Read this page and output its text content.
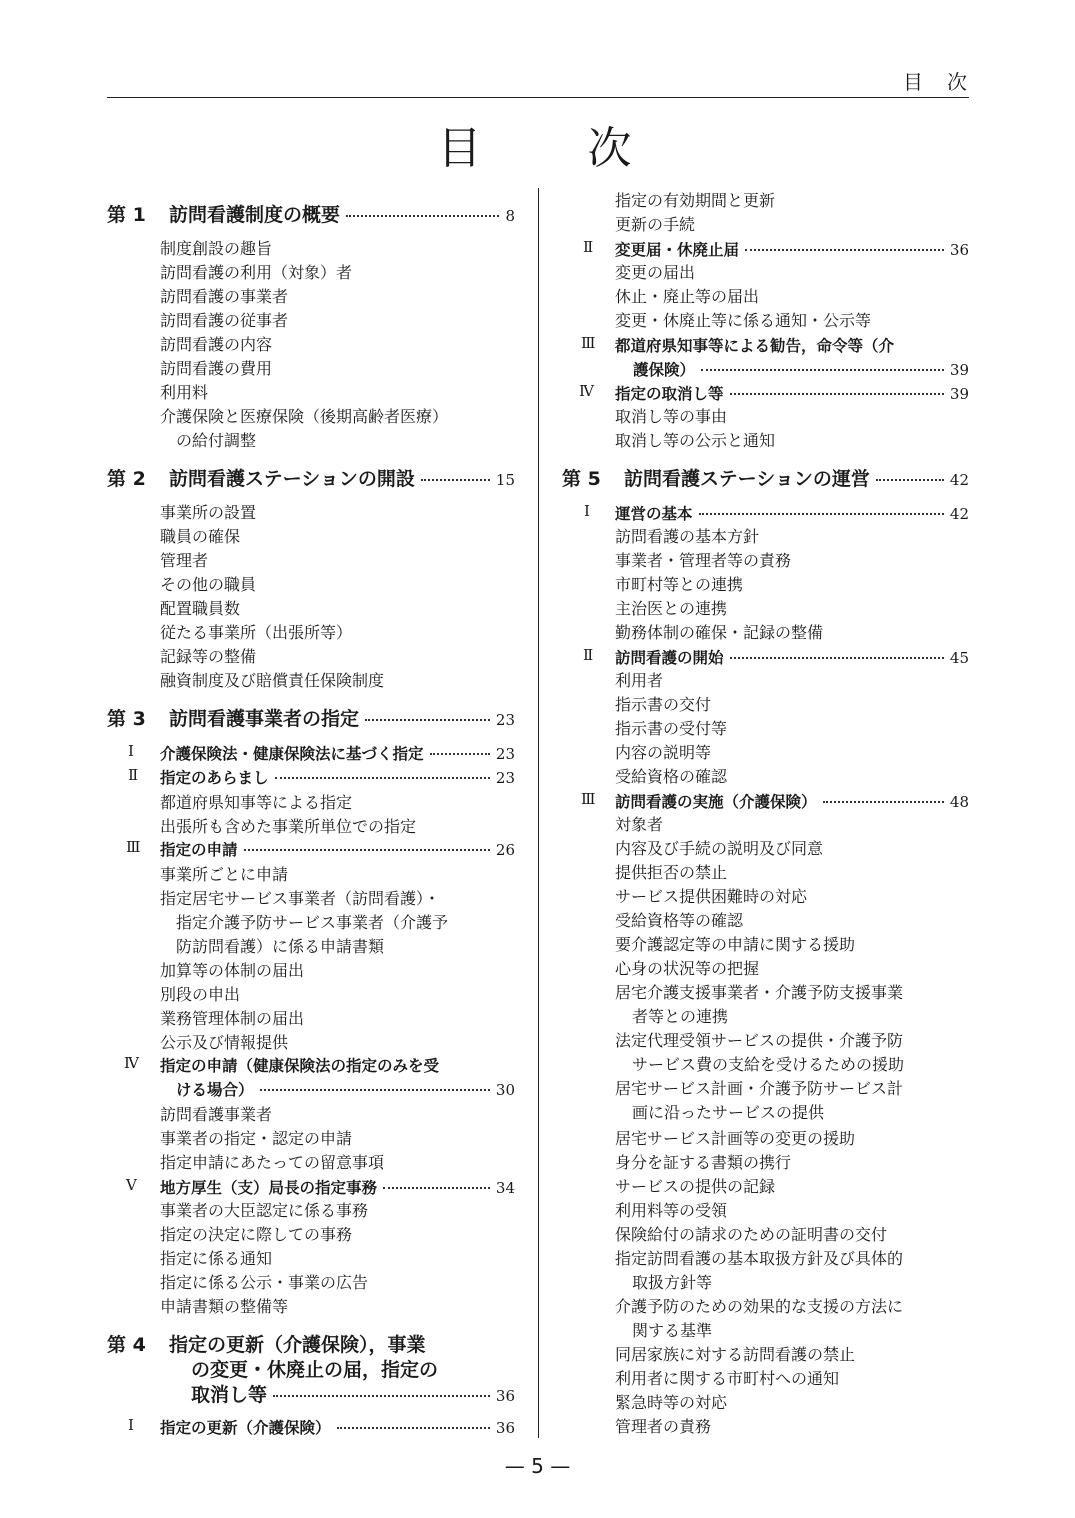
目　次
目　　次
第 1	訪問看護制度の概要	8
制度創設の趣旨
訪問看護の利用（対象）者
訪問看護の事業者
訪問看護の従事者
訪問看護の内容
訪問看護の費用
利用料
介護保険と医療保険（後期高齢者医療）
の給付調整
第 2	訪問看護ステーションの開設	15
事業所の設置
職員の確保
管理者
その他の職員
配置職員数
従たる事業所（出張所等）
記録等の整備
融資制度及び賠償責任保険制度
第 3	訪問看護事業者の指定	23
Ⅰ 介護保険法・健康保険法に基づく指定	23
Ⅱ 指定のあらまし	23
都道府県知事等による指定
出張所も含めた事業所単位での指定
Ⅲ 指定の申請	26
事業所ごとに申請
指定居宅サービス事業者（訪問看護）・
指定介護予防サービス事業者（介護予
防訪問看護）に係る申請書類
加算等の体制の届出
別段の申出
業務管理体制の届出
公示及び情報提供
Ⅳ 指定の申請（健康保険法の指定のみを受
ける場合）	30
訪問看護事業者
事業者の指定・認定の申請
指定申請にあたっての留意事項
Ⅴ 地方厚生（支）局長の指定事務	34
事業者の大臣認定に係る事務
指定の決定に際しての事務
指定に係る通知
指定に係る公示・事業の広告
申請書類の整備等
第 4	指定の更新（介護保険），事業
の変更・休廃止の届，指定の
取消し等	36
Ⅰ 指定の更新（介護保険）	36
指定の有効期間と更新
更新の手続
Ⅱ 変更届・休廃止届	36
変更の届出
休止・廃止等の届出
変更・休廃止等に係る通知・公示等
Ⅲ 都道府県知事等による勧告，命令等（介
護保険）	39
Ⅳ 指定の取消し等	39
取消し等の事由
取消し等の公示と通知
第 5	訪問看護ステーションの運営	42
Ⅰ 運営の基本	42
訪問看護の基本方針
事業者・管理者等の責務
市町村等との連携
主治医との連携
勤務体制の確保・記録の整備
Ⅱ 訪問看護の開始	45
利用者
指示書の交付
指示書の受付等
内容の説明等
受給資格の確認
Ⅲ 訪問看護の実施（介護保険）	48
対象者
内容及び手続の説明及び同意
提供拒否の禁止
サービス提供困難時の対応
受給資格等の確認
要介護認定等の申請に関する援助
心身の状況等の把握
居宅介護支援事業者・介護予防支援事業
者等との連携
法定代理受領サービスの提供・介護予防
サービス費の支給を受けるための援助
居宅サービス計画・介護予防サービス計
画に沿ったサービスの提供
居宅サービス計画等の変更の援助
身分を証する書類の携行
サービスの提供の記録
利用料等の受領
保険給付の請求のための証明書の交付
指定訪問看護の基本取扱方針及び具体的
取扱方針等
介護予防のための効果的な支援の方法に
関する基準
同居家族に対する訪問看護の禁止
利用者に関する市町村への通知
緊急時等の対応
管理者の責務
— 5 —
